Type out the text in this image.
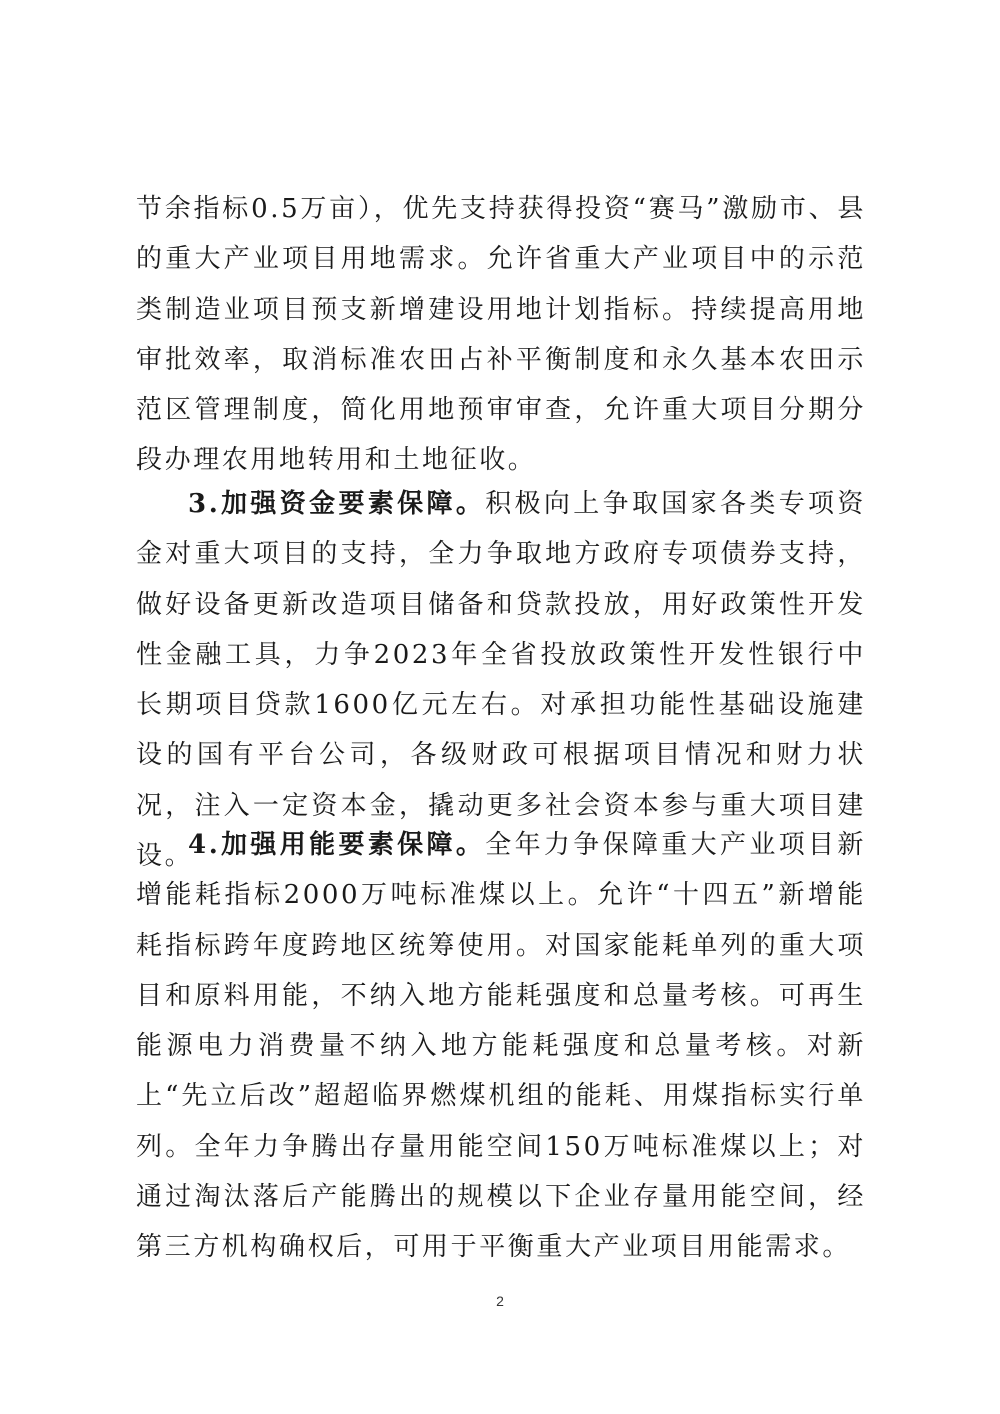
节余指标0.5万亩），优先支持获得投资“赛马”激励市、县的重大产业项目用地需求。允许省重大产业项目中的示范类制造业项目预支新增建设用地计划指标。持续提高用地审批效率，取消标准农田占补平衡制度和永久基本农田示范区管理制度，简化用地预审审查，允许重大项目分期分段办理农用地转用和土地征收。

3.加强资金要素保障。积极向上争取国家各类专项资金对重大项目的支持，全力争取地方政府专项债券支持，做好设备更新改造项目储备和贷款投放，用好政策性开发性金融工具，力争2023年全省投放政策性开发性银行中长期项目贷款1600亿元左右。对承担功能性基础设施建设的国有平台公司，各级财政可根据项目情况和财力状况，注入一定资本金，撬动更多社会资本参与重大项目建设。

4.加强用能要素保障。全年力争保障重大产业项目新增能耗指标2000万吨标准煤以上。允许“十四五”新增能耗指标跨年度跨地区统筹使用。对国家能耗单列的重大项目和原料用能，不纳入地方能耗强度和总量考核。可再生能源电力消费量不纳入地方能耗强度和总量考核。对新上“先立后改”超超临界燃煤机组的能耗、用煤指标实行单列。全年力争腾出存量用能空间150万吨标准煤以上；对通过淘汰落后产能腾出的规模以下企业存量用能空间，经第三方机构确权后，可用于平衡重大产业项目用能需求。

2
